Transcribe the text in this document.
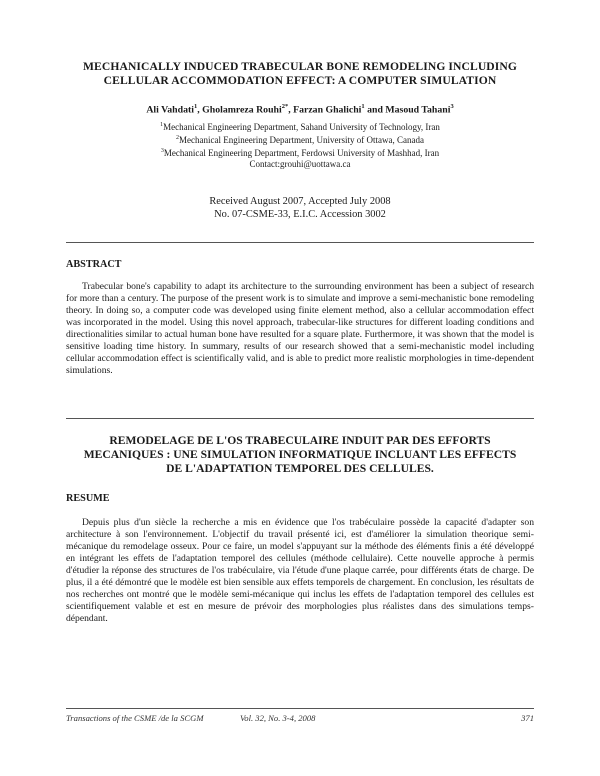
MECHANICALLY INDUCED TRABECULAR BONE REMODELING INCLUDING
CELLULAR ACCOMMODATION EFFECT: A COMPUTER SIMULATION
Ali Vahdati$^1$, Gholamreza Rouhi$^{2*}$, Farzan Ghalichi$^1$ and Masoud Tahani$^3$
$^1$Mechanical Engineering Department, Sahand University of Technology, Iran
$^2$Mechanical Engineering Department, University of Ottawa, Canada
$^3$Mechanical Engineering Department, Ferdowsi University of Mashhad, Iran
Contact:grouhi@uottawa.ca
Received August 2007, Accepted July 2008
No. 07-CSME-33, E.I.C. Accession 3002
ABSTRACT

Trabecular bone's capability to adapt its architecture to the surrounding environment has been a subject of research for more than a century. The purpose of the present work is to simulate and improve a semi-mechanistic bone remodeling theory. In doing so, a computer code was developed using finite element method, also a cellular accommodation effect was incorporated in the model. Using this novel approach, trabecular-like structures for different loading conditions and directionalities similar to actual human bone have resulted for a square plate. Furthermore, it was shown that the model is sensitive loading time history. In summary, results of our research showed that a semi-mechanistic model including cellular accommodation effect is scientifically valid, and is able to predict more realistic morphologies in time-dependent simulations.

REMODELAGE DE L'OS TRABECULAIRE INDUIT PAR DES EFFORTS
MECANIQUES : UNE SIMULATION INFORMATIQUE INCLUANT LES EFFECTS
DE L'ADAPTATION TEMPOREL DES CELLULES.
RESUME

Depuis plus d'un siècle la recherche a mis en évidence que l'os trabéculaire possède la capacité d'adapter son architecture à son l'environnement. L'objectif du travail présenté ici, est d'améliorer la simulation theorique semi-mécanique du remodelage osseux. Pour ce faire, un model s'appuyant sur la méthode des éléments finis a été développé en intégrant les effets de l'adaptation temporel des cellules (méthode cellulaire). Cette nouvelle approche à permis d'étudier la réponse des structures de l'os trabéculaire, via l'étude d'une plaque carrée, pour différents états de charge. De plus, il a été démontré que le modèle est bien sensible aux effets temporels de chargement. En conclusion, les résultats de nos recherches ont montré que le modèle semi-mécanique qui inclus les effets de l'adaptation temporel des cellules est scientifiquement valable et est en mesure de prévoir des morphologies plus réalistes dans des simulations temps-dépendant.

Transactions of the CSME /de la SCGM	Vol. 32, No. 3-4, 2008	371
